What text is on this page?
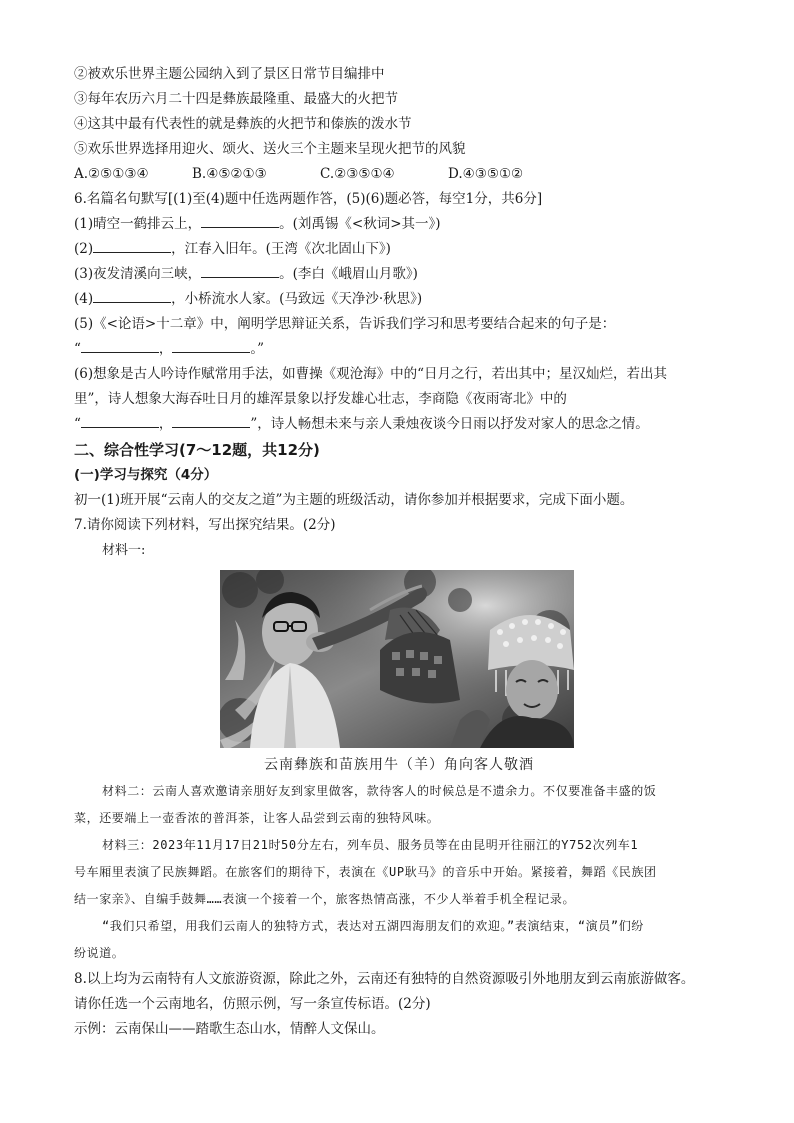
②被欢乐世界主题公园纳入到了景区日常节目编排中
③每年农历六月二十四是彝族最隆重、最盛大的火把节
④这其中最有代表性的就是彝族的火把节和傣族的泼水节
⑤欢乐世界选择用迎火、颂火、送火三个主题来呈现火把节的风貌
A.②⑤①③④	B.④⑤②①③	C.②③⑤①④	D.④③⑤①②
6.名篇名句默写[(1)至(4)题中任选两题作答，(5)(6)题必答，每空1分，共6分]
(1)晴空一鹤排云上，	。(刘禹锡《<秋词>其一》)
(2)	，江春入旧年。(王湾《次北固山下》)
(3)夜发清溪向三峡，	。(李白《峨眉山月歌》)
(4)	，小桥流水人家。(马致远《天净沙·秋思》)
(5)《<论语>十二章》中，阐明学思辩证关系，告诉我们学习和思考要结合起来的句子是：
“	，	。”
(6)想象是古人吟诗作赋常用手法，如曹操《观沧海》中的“日月之行，若出其中；星汉灿烂，若出其
里”，诗人想象大海吞吐日月的雄浑景象以抒发雄心壮志，李商隐《夜雨寄北》中的
“	，	”，诗人畅想未来与亲人秉烛夜谈今日雨以抒发对家人的思念之情。
二、综合性学习(7～12题，共12分)
(一)学习与探究（4分）
初一(1)班开展“云南人的交友之道”为主题的班级活动，请你参加并根据要求，完成下面小题。
7.请你阅读下列材料，写出探究结果。(2分)
材料一:
云南彝族和苗族用牛（羊）角向客人敬酒
材料二：云南人喜欢邀请亲朋好友到家里做客，款待客人的时候总是不遗余力。不仅要准备丰盛的饭
菜，还要端上一壶香浓的普洱茶，让客人品尝到云南的独特风味。
材料三：2023年11月17日21时50分左右，列车员、服务员等在由昆明开往丽江的Y752次列车1
号车厢里表演了民族舞蹈。在旅客们的期待下，表演在《UP耿马》的音乐中开始。紧接着，舞蹈《民族团
结一家亲》、自编手鼓舞……表演一个接着一个，旅客热情高涨，不少人举着手机全程记录。
“我们只希望，用我们云南人的独特方式，表达对五湖四海朋友们的欢迎。”表演结束，“演员”们纷
纷说道。
8.以上均为云南特有人文旅游资源，除此之外，云南还有独特的自然资源吸引外地朋友到云南旅游做客。
请你任选一个云南地名，仿照示例，写一条宣传标语。(2分)
示例：云南保山——踏歌生态山水，情醉人文保山。
